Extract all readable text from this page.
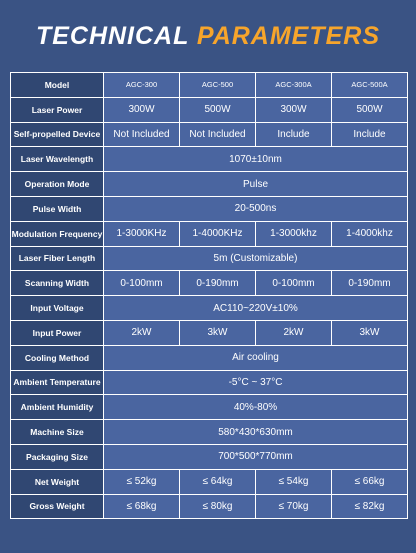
TECHNICAL PARAMETERS
Model	AGC-300	AGC-500	AGC-300A	AGC-500A
Laser Power	300W	500W	300W	500W
Self-propelled Device	Not Included	Not Included	Include	Include
Laser Wavelength	1070±10nm			
Operation Mode	Pulse			
Pulse Width	20-500ns			
Modulation Frequency	1-3000KHz	1-4000KHz	1-3000khz	1-4000khz
Laser Fiber Length	5m (Customizable)			
Scanning Width	0-100mm	0-190mm	0-100mm	0-190mm
Input Voltage	AC110~220V±10%			
Input Power	2kW	3kW	2kW	3kW
Cooling Method	Air cooling			
Ambient Temperature	-5°C ~ 37°C			
Ambient Humidity	40%-80%			
Machine Size	580*430*630mm			
Packaging Size	700*500*770mm			
Net Weight	≤ 52kg	≤ 64kg	≤ 54kg	≤ 66kg
Gross Weight	≤ 68kg	≤ 80kg	≤ 70kg	≤ 82kg
